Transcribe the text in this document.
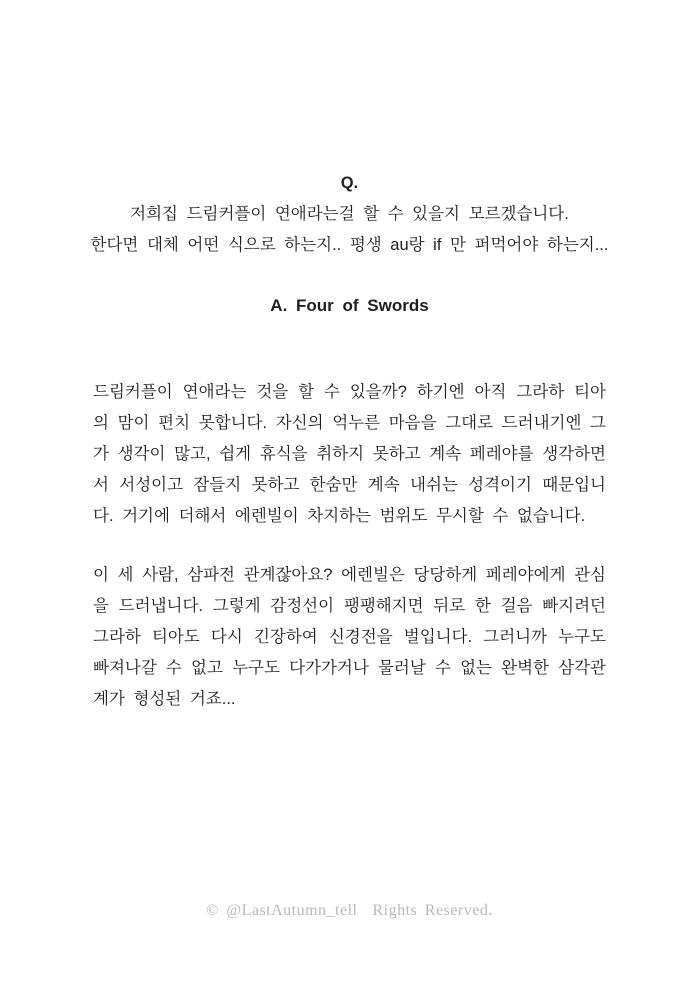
Q.
저희집 드림커플이 연애라는걸 할 수 있을지 모르겠습니다.
한다면 대체 어떤 식으로 하는지.. 평생 au랑 if 만 퍼먹어야 하는지...
A. Four of Swords

드림커플이 연애라는 것을 할 수 있을까? 하기엔 아직 그라하 티아의 맘이 편치 못합니다. 자신의 억누른 마음을 그대로 드러내기엔 그가 생각이 많고, 쉽게 휴식을 취하지 못하고 계속 페레야를 생각하면서 서성이고 잠들지 못하고 한숨만 계속 내쉬는 성격이기 때문입니다. 거기에 더해서 에렌빌이 차지하는 범위도 무시할 수 없습니다.

이 세 사람, 삼파전 관계잖아요? 에렌빌은 당당하게 페레야에게 관심을 드러냅니다. 그렇게 감정선이 팽팽해지면 뒤로 한 걸음 빠지려던 그라하 티아도 다시 긴장하여 신경전을 벌입니다. 그러니까 누구도 빠져나갈 수 없고 누구도 다가가거나 물러날 수 없는 완벽한 삼각관계가 형성된 거죠...

© @LastAutumn_tell  Rights Reserved.
